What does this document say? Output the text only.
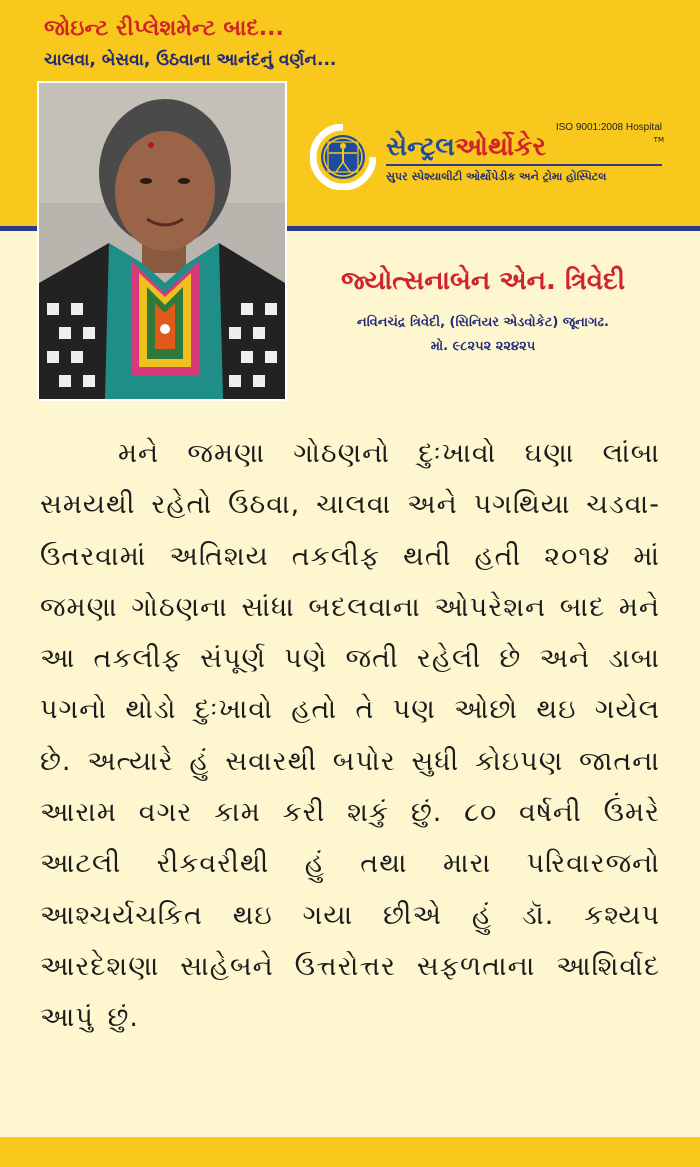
જોઇન્ટ રીપ્લેશમેન્ટ બાદ...
ચાલવા, બેસવા, ઉઠવાના આનંદનું વર્ણન...
ISO 9001:2008 Hospital
સેન્ટ્રલઓર્થોકેર	TM
સુપર સ્પેશ્યાલીટી ઓર્થોપેડીક અને ટ્રોમા હોસ્પિટલ
જ્યોત્સનાબેન એન. ત્રિવેદી
નવિનચંદ્ર ત્રિવેદી, (સિનિયર એડવોકેટ) જૂનાગઢ.
મો. ૯૮૨૫૨ ૨૨૪૨૫

મને જમણા ગોઠણનો દુઃખાવો ઘણા લાંબા સમયથી રહેતો ઉઠવા, ચાલવા અને પગથિયા ચડવા-ઉતરવામાં અતિશય તકલીફ થતી હતી ૨૦૧૪ માં જમણા ગોઠણના સાંધા બદલવાના ઓપરેશન બાદ મને આ તકલીફ સંપૂર્ણ પણે જતી રહેલી છે અને ડાબા પગનો થોડો દુઃખાવો હતો તે પણ ઓછો થઇ ગયેલ છે. અત્યારે હું સવારથી બપોર સુધી કોઇપણ જાતના આરામ વગર કામ કરી શકું છું. ૮૦ વર્ષની ઉંમરે આટલી રીકવરીથી હું તથા મારા પરિવારજનો આશ્ચર્યચકિત થઇ ગયા છીએ હું ડૉ. કશ્યપ આરદેશણા સાહેબને ઉત્તરોત્તર સફળતાના આશિર્વાદ આપું છું.
